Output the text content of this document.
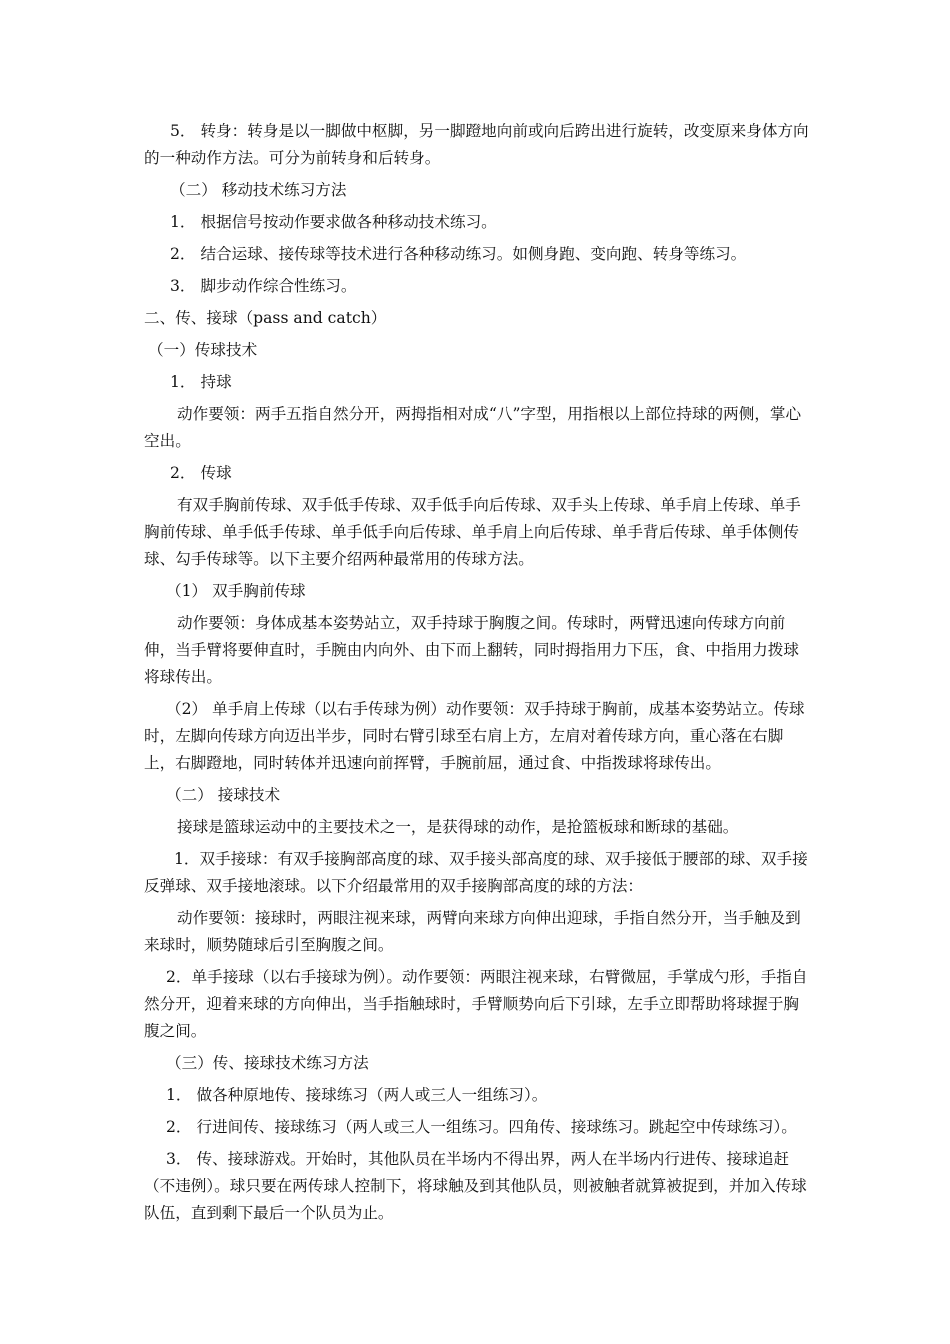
5． 转身：转身是以一脚做中枢脚，另一脚蹬地向前或向后跨出进行旋转，改变原来身体方向的一种动作方法。可分为前转身和后转身。

（二） 移动技术练习方法

1． 根据信号按动作要求做各种移动技术练习。

2． 结合运球、接传球等技术进行各种移动练习。如侧身跑、变向跑、转身等练习。

3． 脚步动作综合性练习。

二、传、接球（pass and catch）

（一）传球技术

1． 持球

动作要领：两手五指自然分开，两拇指相对成“八”字型，用指根以上部位持球的两侧，掌心空出。

2． 传球

有双手胸前传球、双手低手传球、双手低手向后传球、双手头上传球、单手肩上传球、单手胸前传球、单手低手传球、单手低手向后传球、单手肩上向后传球、单手背后传球、单手体侧传球、勾手传球等。以下主要介绍两种最常用的传球方法。

（1） 双手胸前传球

动作要领：身体成基本姿势站立，双手持球于胸腹之间。传球时，两臂迅速向传球方向前伸，当手臂将要伸直时，手腕由内向外、由下而上翻转，同时拇指用力下压，食、中指用力拨球将球传出。

（2） 单手肩上传球（以右手传球为例）动作要领：双手持球于胸前，成基本姿势站立。传球时，左脚向传球方向迈出半步，同时右臂引球至右肩上方，左肩对着传球方向，重心落在右脚上，右脚蹬地，同时转体并迅速向前挥臂，手腕前屈，通过食、中指拨球将球传出。

（二） 接球技术

接球是篮球运动中的主要技术之一，是获得球的动作，是抢篮板球和断球的基础。

1．双手接球：有双手接胸部高度的球、双手接头部高度的球、双手接低于腰部的球、双手接反弹球、双手接地滚球。以下介绍最常用的双手接胸部高度的球的方法：

动作要领：接球时，两眼注视来球，两臂向来球方向伸出迎球，手指自然分开，当手触及到来球时，顺势随球后引至胸腹之间。

2．单手接球（以右手接球为例）。动作要领：两眼注视来球，右臂微屈，手掌成勺形，手指自然分开，迎着来球的方向伸出，当手指触球时，手臂顺势向后下引球，左手立即帮助将球握于胸腹之间。

（三）传、接球技术练习方法

1． 做各种原地传、接球练习（两人或三人一组练习）。

2． 行进间传、接球练习（两人或三人一组练习。四角传、接球练习。跳起空中传球练习）。

3． 传、接球游戏。开始时，其他队员在半场内不得出界，两人在半场内行进传、接球追赶（不违例）。球只要在两传球人控制下，将球触及到其他队员，则被触者就算被捉到，并加入传球队伍，直到剩下最后一个队员为止。
